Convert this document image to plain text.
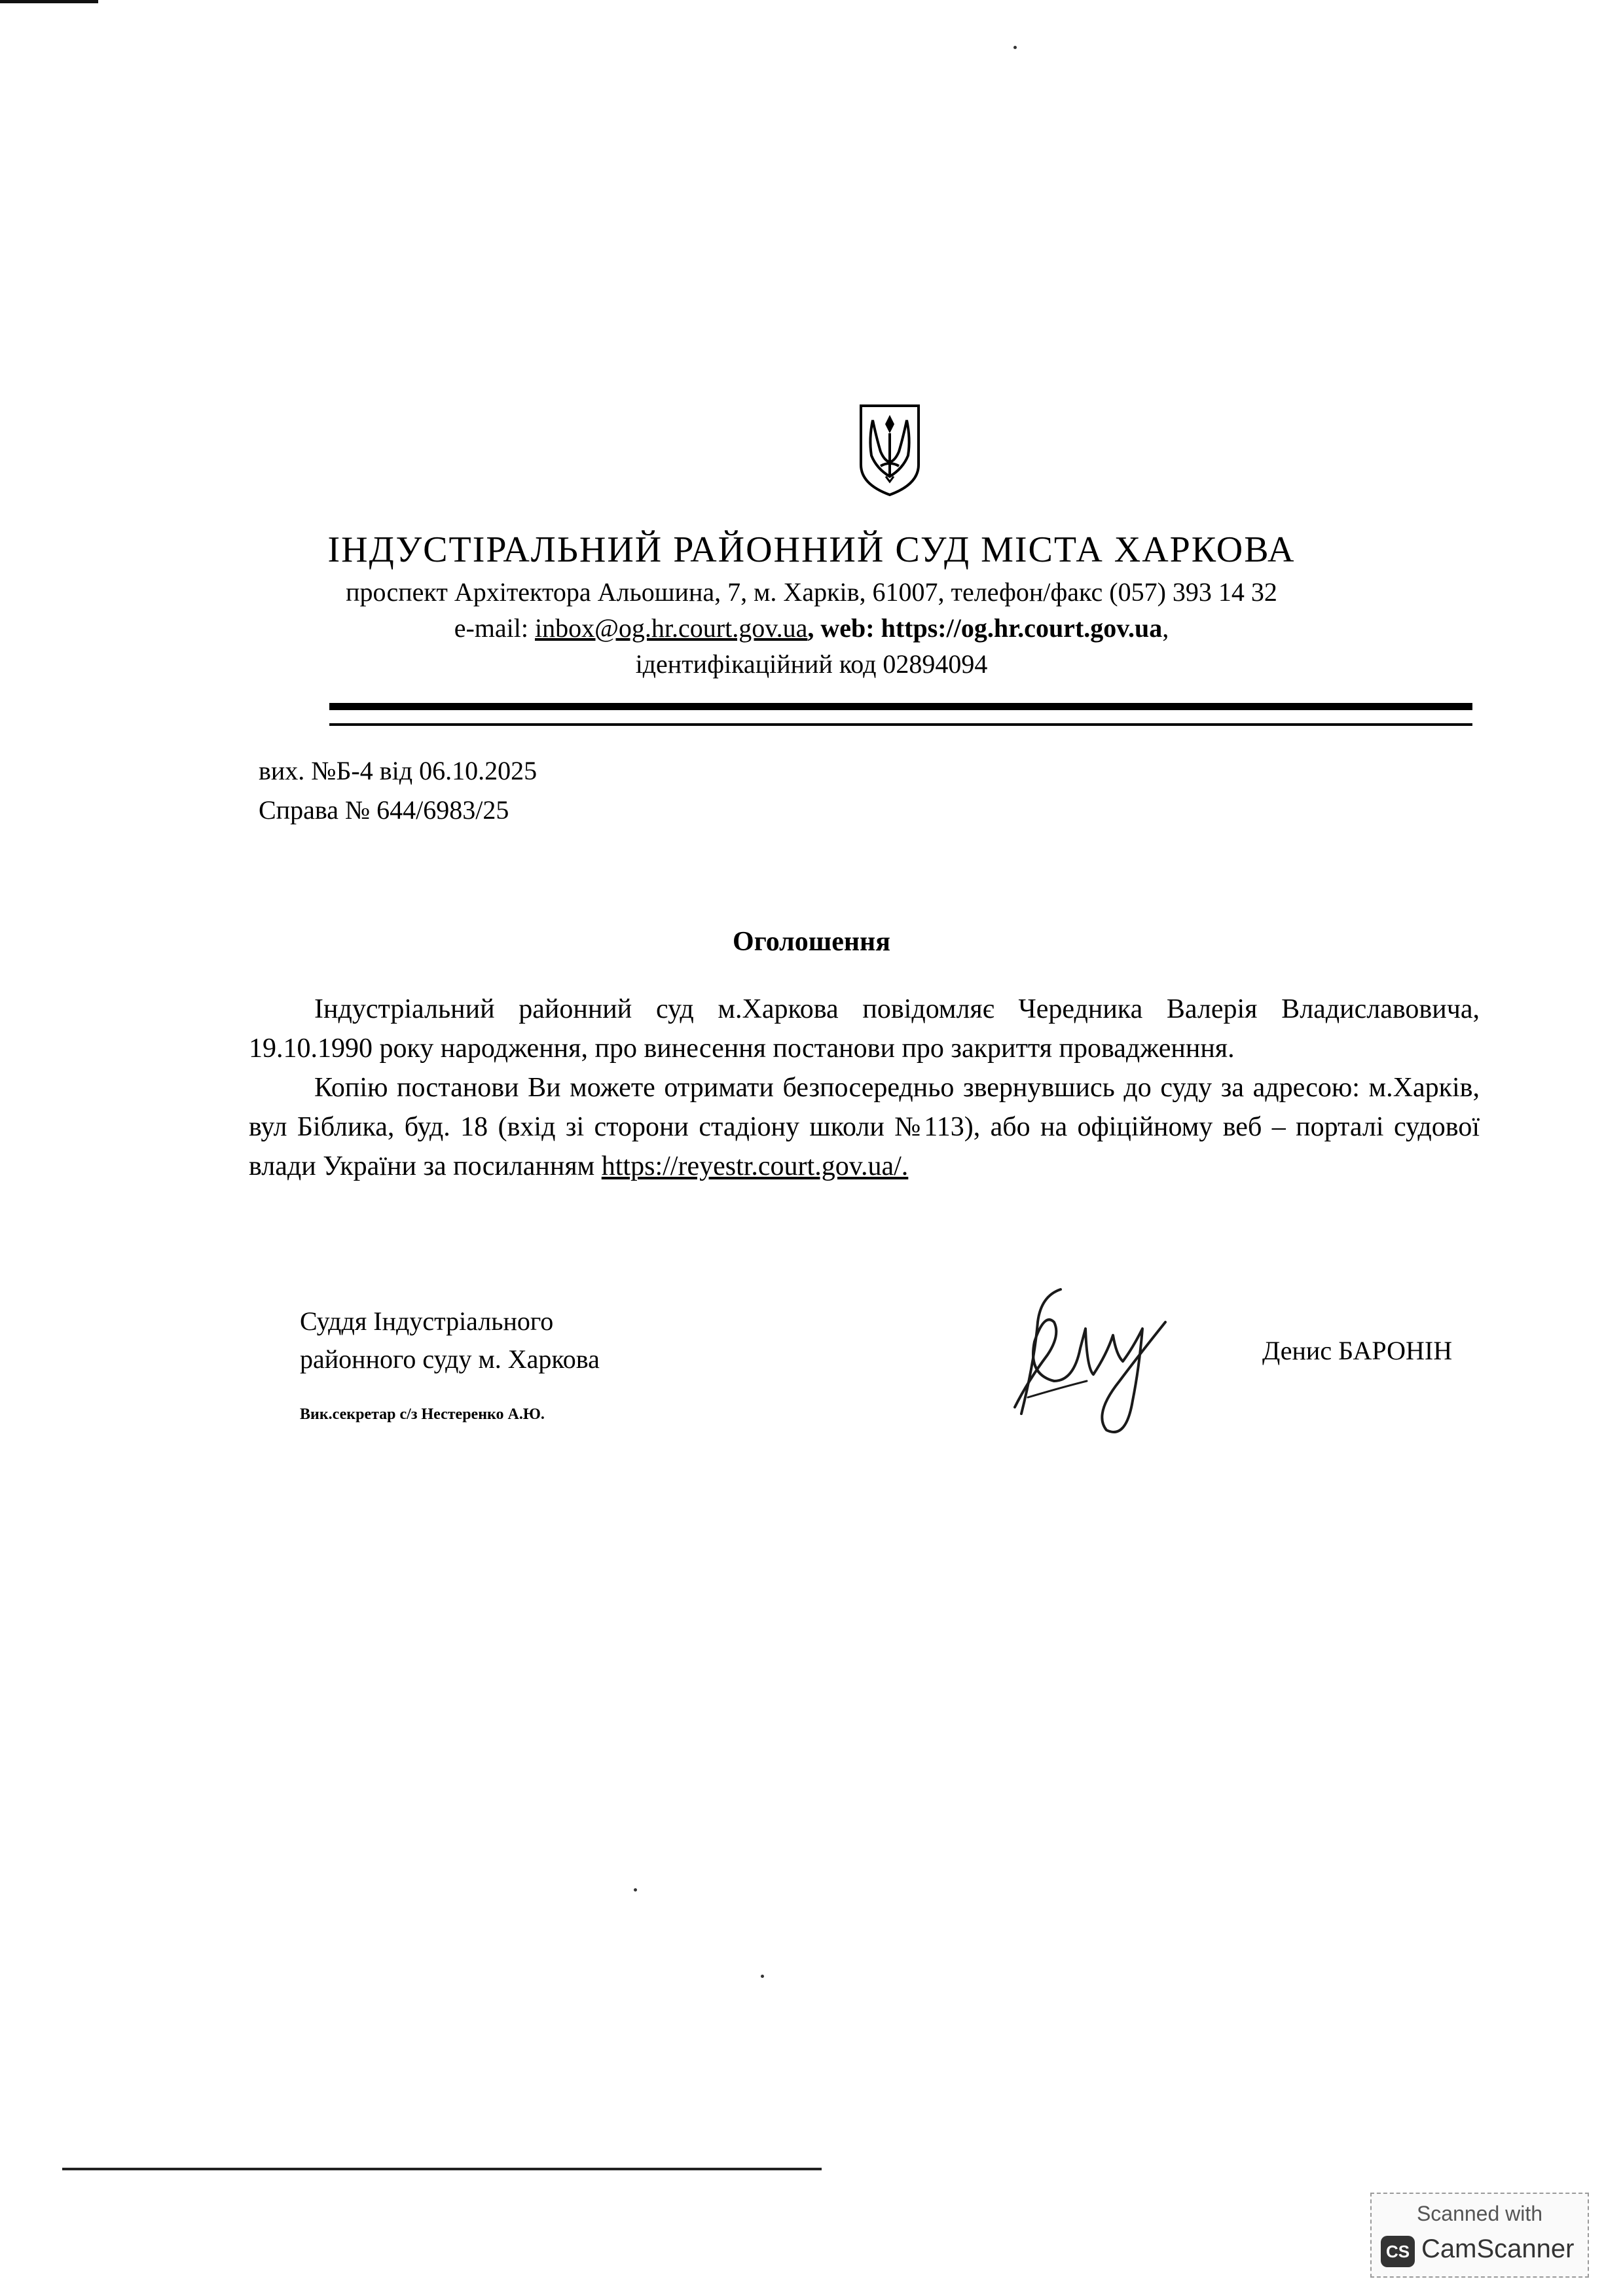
ІНДУСТІРАЛЬНИЙ РАЙОННИЙ СУД МІСТА ХАРКОВА
проспект Архітектора Альошина, 7, м. Харків, 61007, телефон/факс (057) 393 14 32
e-mail: inbox@og.hr.court.gov.ua, web: https://og.hr.court.gov.ua,
ідентифікаційний код 02894094
вих. №Б-4 від 06.10.2025
Справа № 644/6983/25
Оголошення

Індустріальний районний суд м.Харкова повідомляє Чередника Валерія Владиславовича, 19.10.1990 року народження, про винесення постанови про закриття провадженння.

Копію постанови Ви можете отримати безпосередньо звернувшись до суду за адресою: м.Харків, вул Біблика, буд. 18 (вхід зі сторони стадіону школи №113), або на офіційному веб – порталі судової влади України за посиланням https://reyestr.court.gov.ua/.

Суддя Індустріального
районного суду м. Харкова	Денис БАРОНІН
Вик.секретар с/з Нестеренко А.Ю.
Scanned with
CS CamScanner
